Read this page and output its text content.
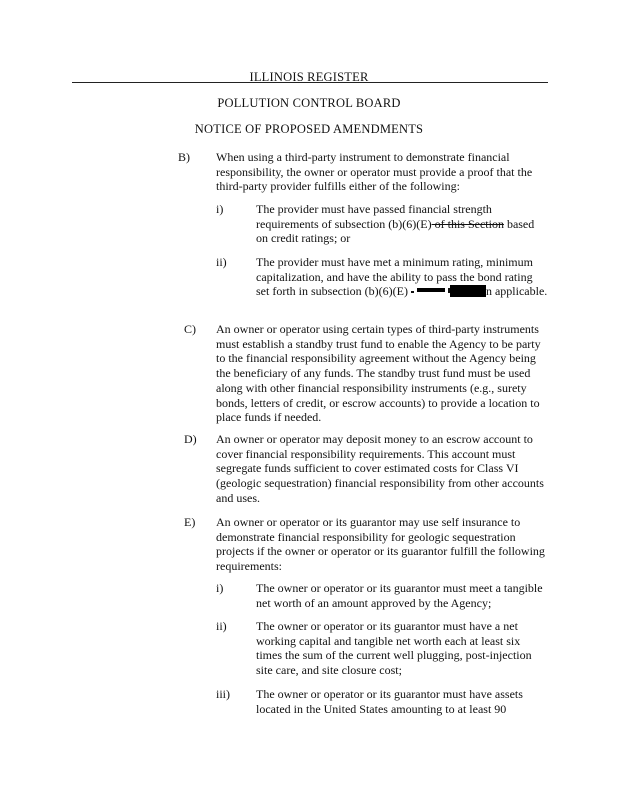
ILLINOIS REGISTER
POLLUTION CONTROL BOARD
NOTICE OF PROPOSED AMENDMENTS
B) When using a third-party instrument to demonstrate financial responsibility, the owner or operator must provide a proof that the third-party provider fulfills either of the following:
i)	The provider must have passed financial strength requirements of subsection (b)(6)(E) of this Section based on credit ratings; or
ii) The provider must have met a minimum rating, minimum capitalization, and have the ability to pass the bond rating set forth in subsection (b)(6)(E)	n applicable.
C) An owner or operator using certain types of third-party instruments must establish a standby trust fund to enable the Agency to be party to the financial responsibility agreement without the Agency being the beneficiary of any funds. The standby trust fund must be used along with other financial responsibility instruments (e.g., surety bonds, letters of credit, or escrow accounts) to provide a location to place funds if needed.
D) An owner or operator may deposit money to an escrow account to cover financial responsibility requirements. This account must segregate funds sufficient to cover estimated costs for Class VI (geologic sequestration) financial responsibility from other accounts and uses.
E) An owner or operator or its guarantor may use self insurance to demonstrate financial responsibility for geologic sequestration projects if the owner or operator or its guarantor fulfill the following requirements:
i)	The owner or operator or its guarantor must meet a tangible net worth of an amount approved by the Agency;
ii) The owner or operator or its guarantor must have a net working capital and tangible net worth each at least six times the sum of the current well plugging, post-injection site care, and site closure cost;
iii) The owner or operator or its guarantor must have assets located in the United States amounting to at least 90
